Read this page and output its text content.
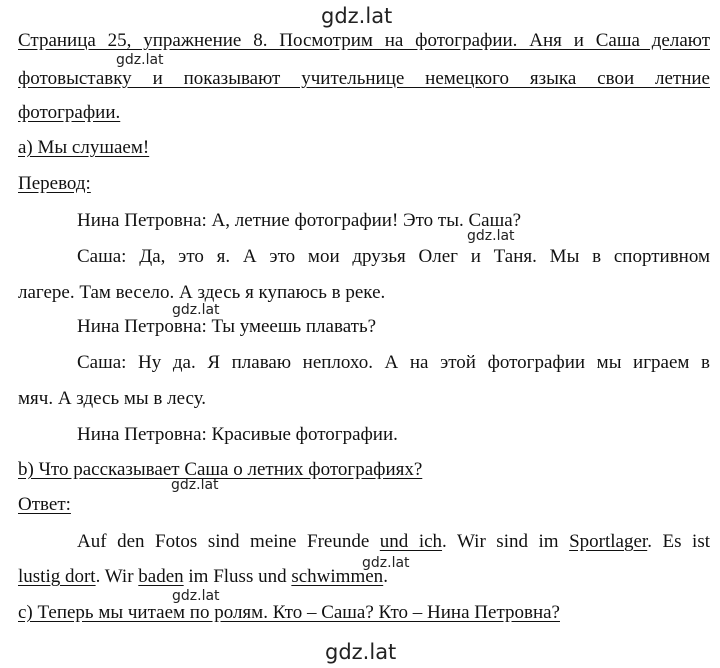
gdz.lat
gdz.lat
gdz.lat
gdz.lat
gdz.lat
gdz.lat
gdz.lat
gdz.lat
Страница 25, упражнение 8. Посмотрим на фотографии. Аня и Саша делают
фотовыставку и показывают учительнице немецкого языка свои летние
фотографии.
а) Мы слушаем!
Перевод:
Нина Петровна: А, летние фотографии! Это ты. Саша?
Саша: Да, это я. А это мои друзья Олег и Таня. Мы в спортивном
лагере. Там весело. А здесь я купаюсь в реке.
Нина Петровна: Ты умеешь плавать?
Саша: Ну да. Я плаваю неплохо. А на этой фотографии мы играем в
мяч. А здесь мы в лесу.
Нина Петровна: Красивые фотографии.
b) Что рассказывает Саша о летних фотографиях?
Ответ:
Auf den Fotos sind meine Freunde und ich. Wir sind im Sportlager. Es ist
lustig dort. Wir baden im Fluss und schwimmen.
c) Теперь мы читаем по ролям. Кто – Саша? Кто – Нина Петровна?
